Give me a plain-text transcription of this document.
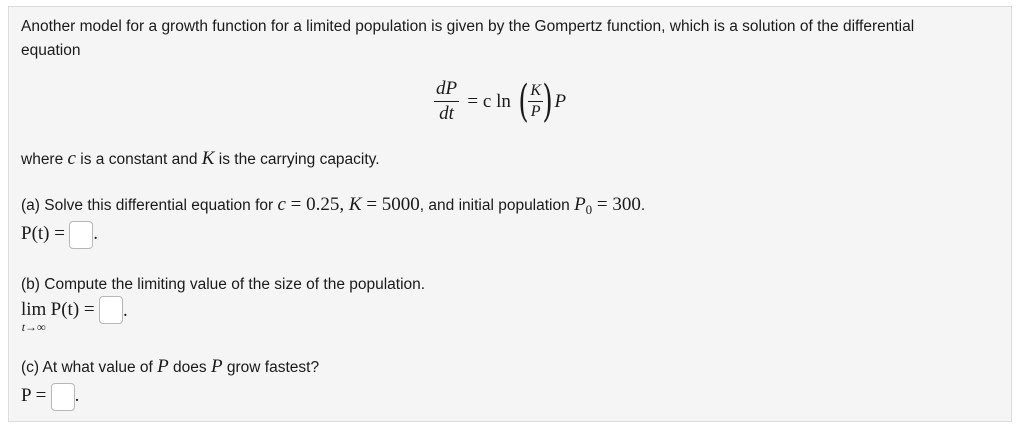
Another model for a growth function for a limited population is given by the Gompertz function, which is a solution of the differential
equation
$\frac{dP}{dt} = c$ ln ( $\frac{K}{P}$ ) P
where c is a constant and K is the carrying capacity.
(a) Solve this differential equation for c = 0.25, K = 5000, and initial population $P_0 = 300$.
P(t) = .
(b) Compute the limiting value of the size of the population.
lim
t→∞
P(t) = .
(c) At what value of P does P grow fastest?
P = .
